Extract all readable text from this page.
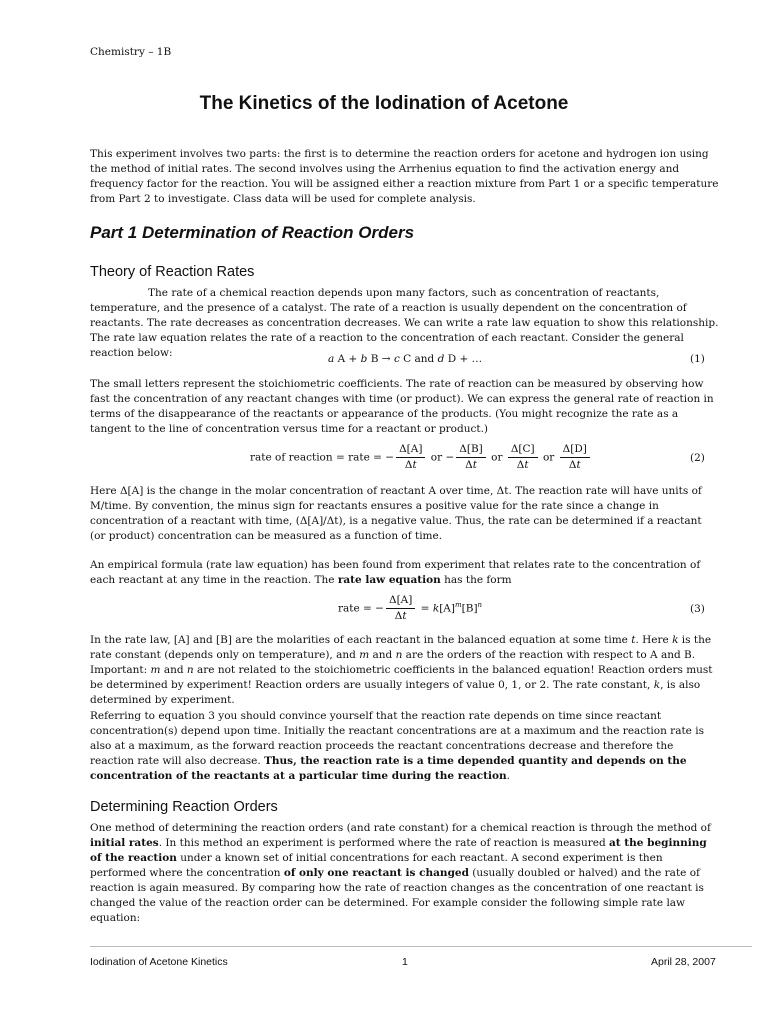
Chemistry – 1B
The Kinetics of the Iodination of Acetone
This experiment involves two parts: the first is to determine the reaction orders for acetone and hydrogen ion using the method of initial rates. The second involves using the Arrhenius equation to find the activation energy and frequency factor for the reaction. You will be assigned either a reaction mixture from Part 1 or a specific temperature from Part 2 to investigate. Class data will be used for complete analysis.
Part 1 Determination of Reaction Orders
Theory of Reaction Rates
The rate of a chemical reaction depends upon many factors, such as concentration of reactants, temperature, and the presence of a catalyst. The rate of a reaction is usually dependent on the concentration of reactants. The rate decreases as concentration decreases. We can write a rate law equation to show this relationship. The rate law equation relates the rate of a reaction to the concentration of each reactant. Consider the general reaction below:	a A + b B → c C and d D + …	(1)
The small letters represent the stoichiometric coefficients. The rate of reaction can be measured by observing how fast the concentration of any reactant changes with time (or product). We can express the general rate of reaction in terms of the disappearance of the reactants or appearance of the products. (You might recognize the rate as a tangent to the line of concentration versus time for a reactant or product.)
rate of reaction = rate = − $\frac{\Delta[A]}{\Delta t}$ or − $\frac{\Delta[B]}{\Delta t}$ or $\frac{\Delta[C]}{\Delta t}$ or $\frac{\Delta[D]}{\Delta t}$	(2)
Here Δ[A] is the change in the molar concentration of reactant A over time, Δt. The reaction rate will have units of M/time. By convention, the minus sign for reactants ensures a positive value for the rate since a change in concentration of a reactant with time, (Δ[A]/Δt), is a negative value. Thus, the rate can be determined if a reactant (or product) concentration can be measured as a function of time.
An empirical formula (rate law equation) has been found from experiment that relates rate to the concentration of each reactant at any time in the reaction. The rate law equation has the form
rate = − $\frac{\Delta[A]}{\Delta t} = k[A]^m[B]^n$	(3)
In the rate law, [A] and [B] are the molarities of each reactant in the balanced equation at some time t. Here k is the rate constant (depends only on temperature), and m and n are the orders of the reaction with respect to A and B. Important: m and n are not related to the stoichiometric coefficients in the balanced equation! Reaction orders must be determined by experiment! Reaction orders are usually integers of value 0, 1, or 2. The rate constant, k, is also determined by experiment.
Referring to equation 3 you should convince yourself that the reaction rate depends on time since reactant concentration(s) depend upon time. Initially the reactant concentrations are at a maximum and the reaction rate is also at a maximum, as the forward reaction proceeds the reactant concentrations decrease and therefore the reaction rate will also decrease. Thus, the reaction rate is a time depended quantity and depends on the concentration of the reactants at a particular time during the reaction.
Determining Reaction Orders
One method of determining the reaction orders (and rate constant) for a chemical reaction is through the method of initial rates. In this method an experiment is performed where the rate of reaction is measured at the beginning of the reaction under a known set of initial concentrations for each reactant. A second experiment is then performed where the concentration of only one reactant is changed (usually doubled or halved) and the rate of reaction is again measured. By comparing how the rate of reaction changes as the concentration of one reactant is changed the value of the reaction order can be determined. For example consider the following simple rate law equation:
Iodination of Acetone Kinetics	1	April 28, 2007
